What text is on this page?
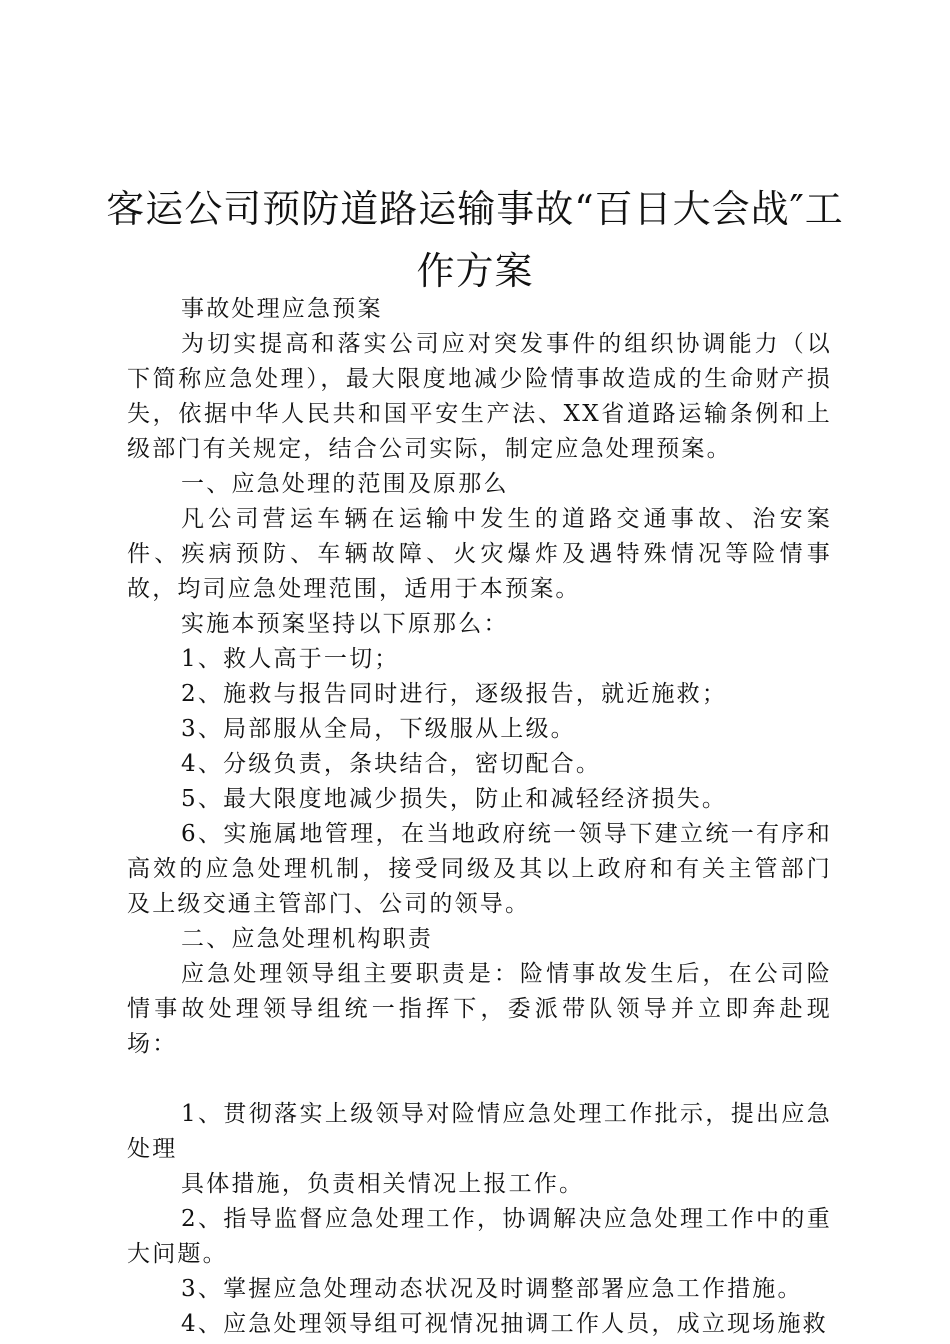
客运公司预防道路运输事故“百日大会战″工作方案

事故处理应急预案

为切实提高和落实公司应对突发事件的组织协调能力（以下简称应急处理），最大限度地减少险情事故造成的生命财产损失，依据中华人民共和国平安生产法、XX省道路运输条例和上级部门有关规定，结合公司实际，制定应急处理预案。

一、应急处理的范围及原那么

凡公司营运车辆在运输中发生的道路交通事故、治安案件、疾病预防、车辆故障、火灾爆炸及遇特殊情况等险情事故，均司应急处理范围，适用于本预案。

实施本预案坚持以下原那么：

1、救人高于一切；

2、施救与报告同时进行，逐级报告，就近施救；

3、局部服从全局，下级服从上级。

4、分级负责，条块结合，密切配合。

5、最大限度地减少损失，防止和减轻经济损失。

6、实施属地管理，在当地政府统一领导下建立统一有序和高效的应急处理机制，接受同级及其以上政府和有关主管部门及上级交通主管部门、公司的领导。

二、应急处理机构职责

应急处理领导组主要职责是：险情事故发生后，在公司险情事故处理领导组统一指挥下，委派带队领导并立即奔赴现场：

1、贯彻落实上级领导对险情应急处理工作批示，提出应急处理

具体措施，负责相关情况上报工作。

2、指导监督应急处理工作，协调解决应急处理工作中的重大问题。

3、掌握应急处理动态状况及时调整部署应急工作措施。

4、应急处理领导组可视情况抽调工作人员，成立现场施救
